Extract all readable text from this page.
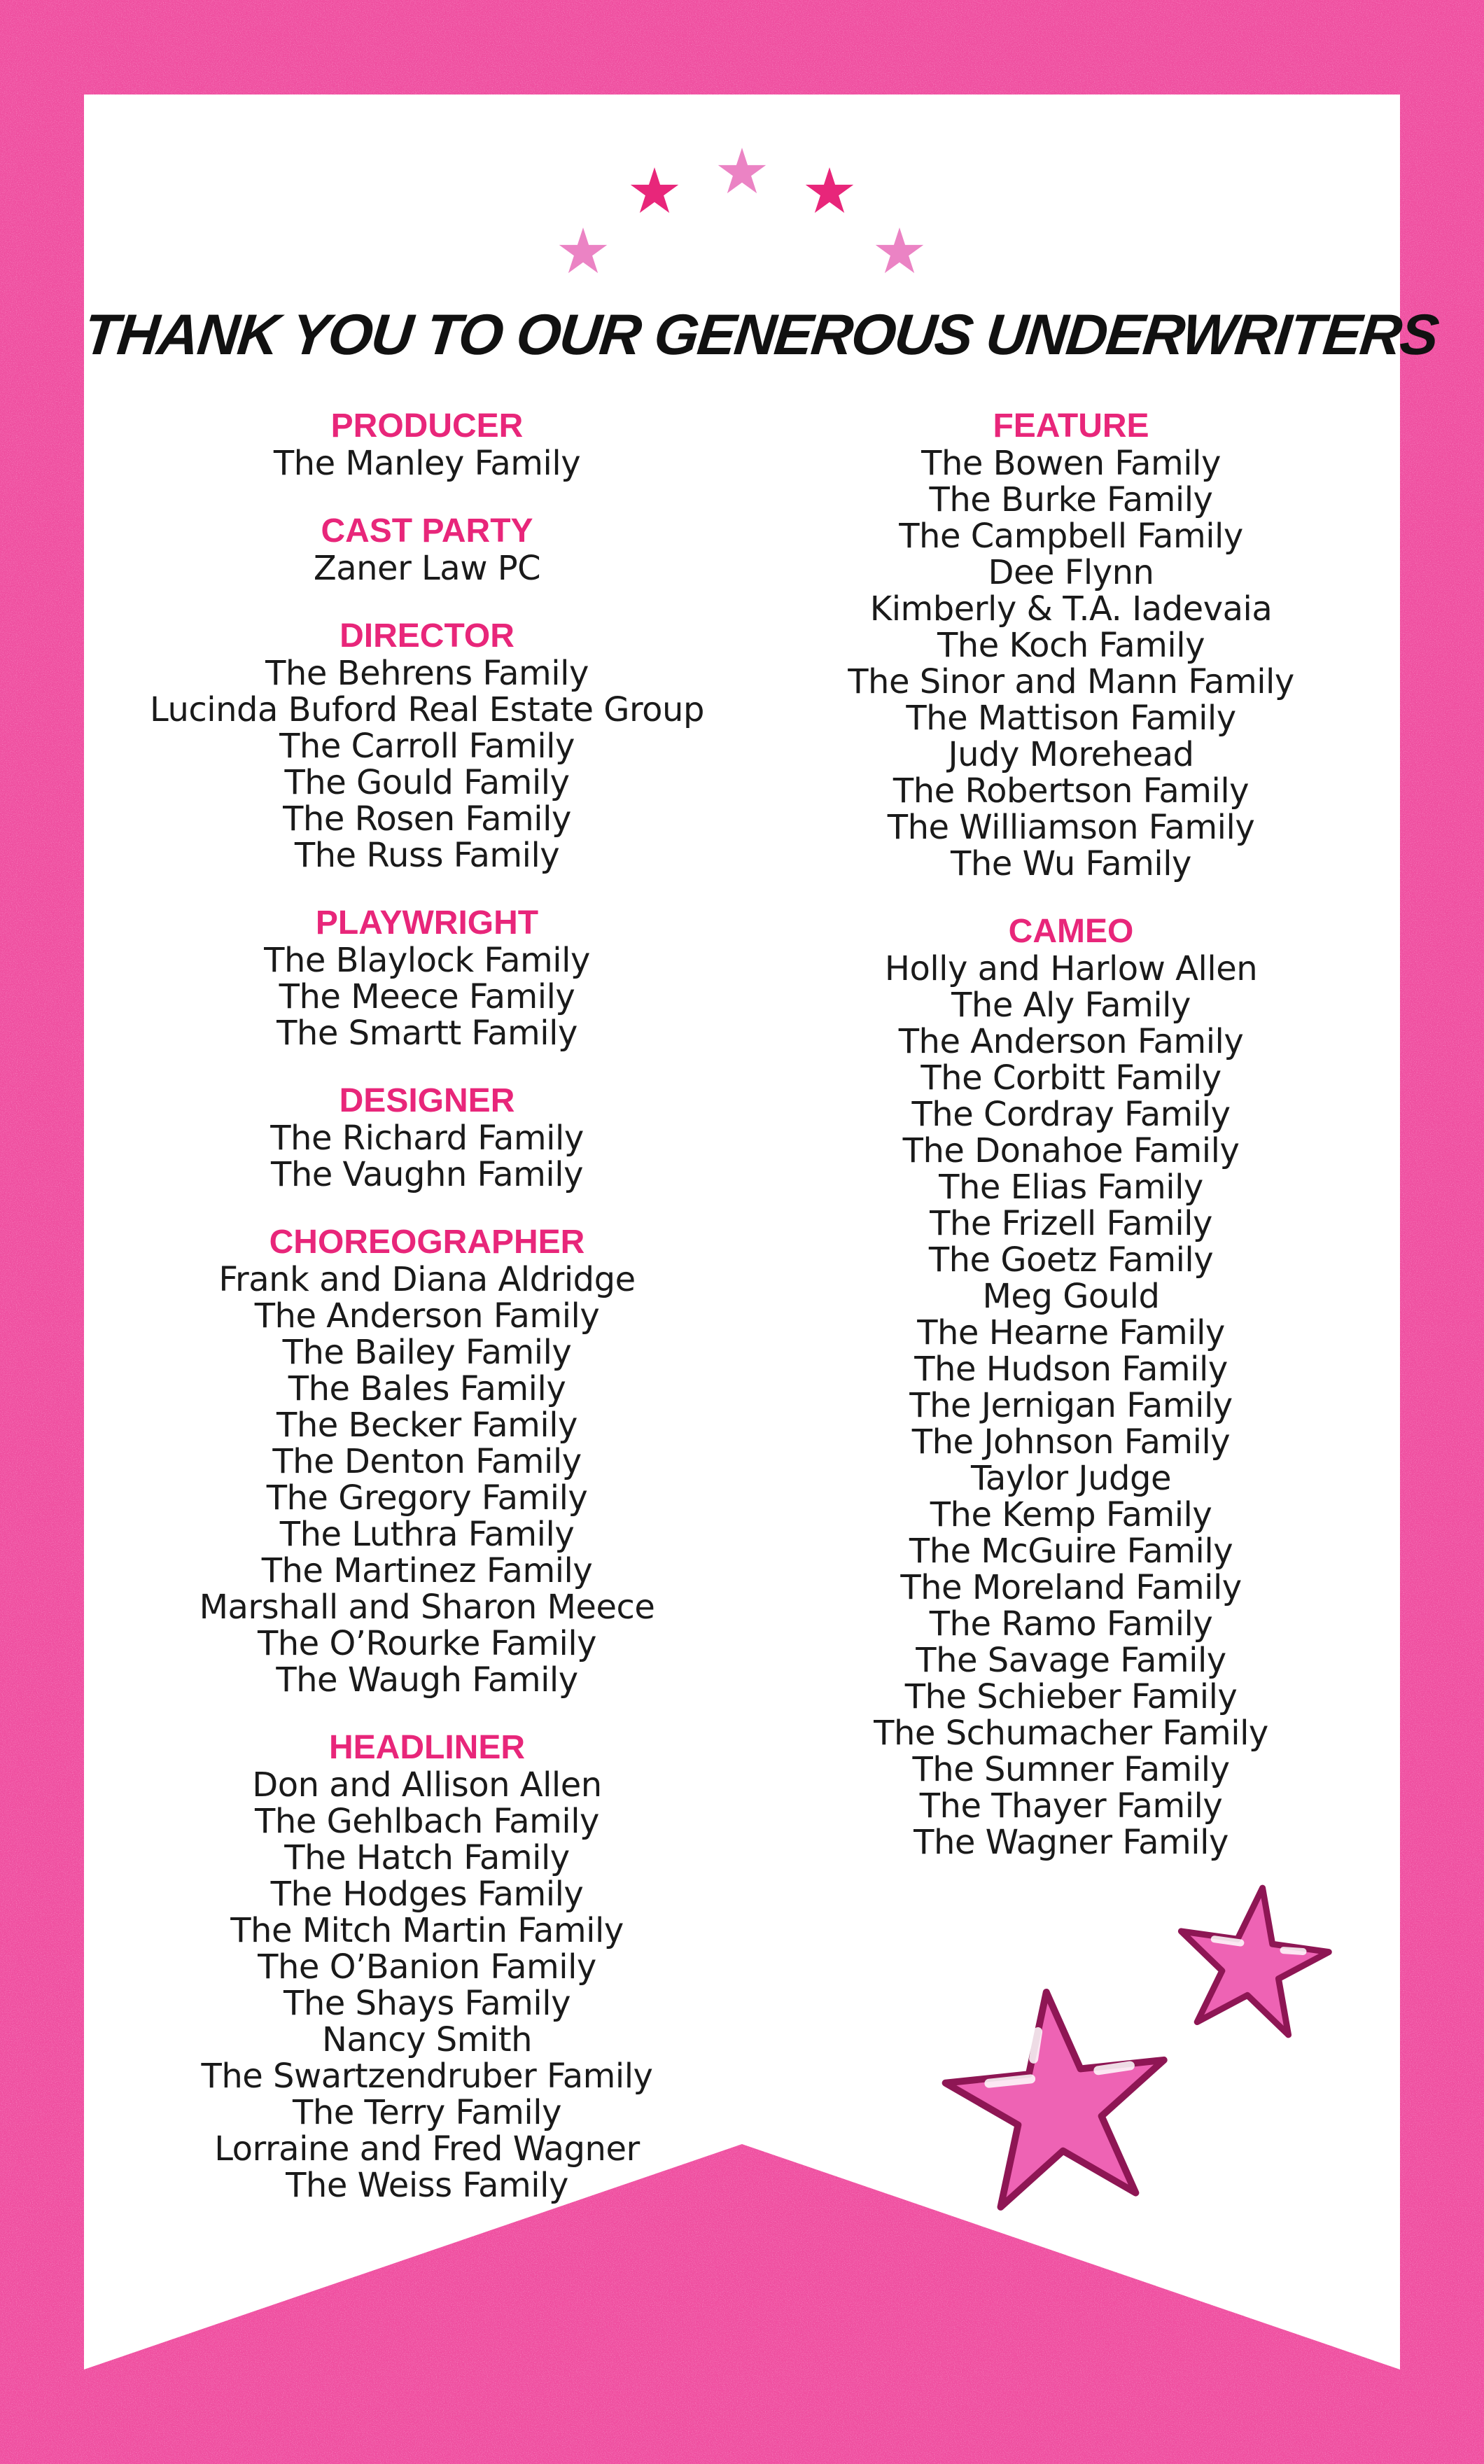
THANK YOU TO OUR GENEROUS UNDERWRITERS
PRODUCER
The Manley Family
CAST PARTY
Zaner Law PC
DIRECTOR
The Behrens Family
Lucinda Buford Real Estate Group
The Carroll Family
The Gould Family
The Rosen Family
The Russ Family
PLAYWRIGHT
The Blaylock Family
The Meece Family
The Smartt Family
DESIGNER
The Richard Family
The Vaughn Family
CHOREOGRAPHER
Frank and Diana Aldridge
The Anderson Family
The Bailey Family
The Bales Family
The Becker Family
The Denton Family
The Gregory Family
The Luthra Family
The Martinez Family
Marshall and Sharon Meece
The O’Rourke Family
The Waugh Family
HEADLINER
Don and Allison Allen
The Gehlbach Family
The Hatch Family
The Hodges Family
The Mitch Martin Family
The O’Banion Family
The Shays Family
Nancy Smith
The Swartzendruber Family
The Terry Family
Lorraine and Fred Wagner
The Weiss Family
FEATURE
The Bowen Family
The Burke Family
The Campbell Family
Dee Flynn
Kimberly & T.A. Iadevaia
The Koch Family
The Sinor and Mann Family
The Mattison Family
Judy Morehead
The Robertson Family
The Williamson Family
The Wu Family
CAMEO
Holly and Harlow Allen
The Aly Family
The Anderson Family
The Corbitt Family
The Cordray Family
The Donahoe Family
The Elias Family
The Frizell Family
The Goetz Family
Meg Gould
The Hearne Family
The Hudson Family
The Jernigan Family
The Johnson Family
Taylor Judge
The Kemp Family
The McGuire Family
The Moreland Family
The Ramo Family
The Savage Family
The Schieber Family
The Schumacher Family
The Sumner Family
The Thayer Family
The Wagner Family
